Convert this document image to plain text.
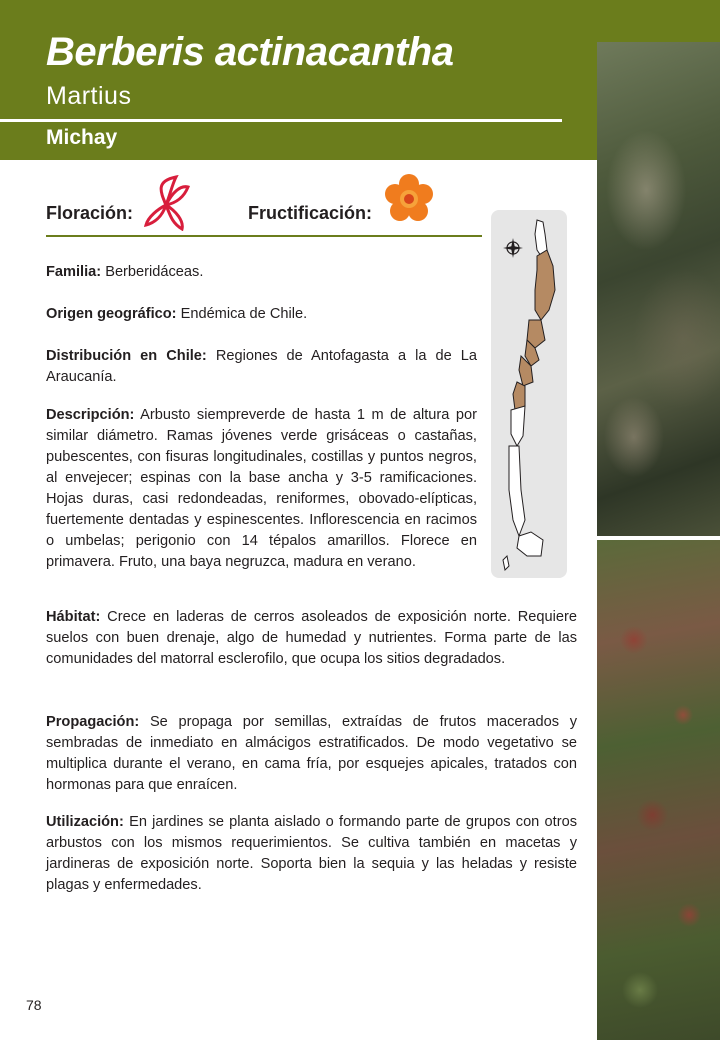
Berberis actinacantha
Martius
Michay
Floración:	Fructificación:
Familia: Berberidáceas.
Origen geográfico: Endémica de Chile.
Distribución en Chile: Regiones de Antofagasta a la de La Araucanía.
Descripción: Arbusto siempreverde de hasta 1 m de altura por similar diámetro. Ramas jóvenes verde grisáceas o castañas, pubescentes, con fisuras longitudinales, costillas y puntos negros, al envejecer; espinas con la base ancha y 3-5 ramificaciones. Hojas duras, casi redondeadas, reniformes, obovado-elípticas, fuertemente dentadas y espinescentes. Inflorescencia en racimos o umbelas; perigonio con 14 tépalos amarillos. Florece en primavera. Fruto, una baya negruzca, madura en verano.
Hábitat: Crece en laderas de cerros asoleados de exposición norte. Requiere suelos con buen drenaje, algo de humedad y nutrientes. Forma parte de las comunidades del matorral esclerofilo, que ocupa los sitios degradados.
Propagación: Se propaga por semillas, extraídas de frutos macerados y sembradas de inmediato en almácigos estratificados. De modo vegetativo se multiplica durante el verano, en cama fría, por esquejes apicales, tratados con hormonas para que enraícen.
Utilización: En jardines se planta aislado o formando parte de grupos con otros arbustos con los mismos requerimientos. Se cultiva también en macetas y jardineras de exposición norte. Soporta bien la sequia y las heladas y resiste plagas y enfermedades.
78
